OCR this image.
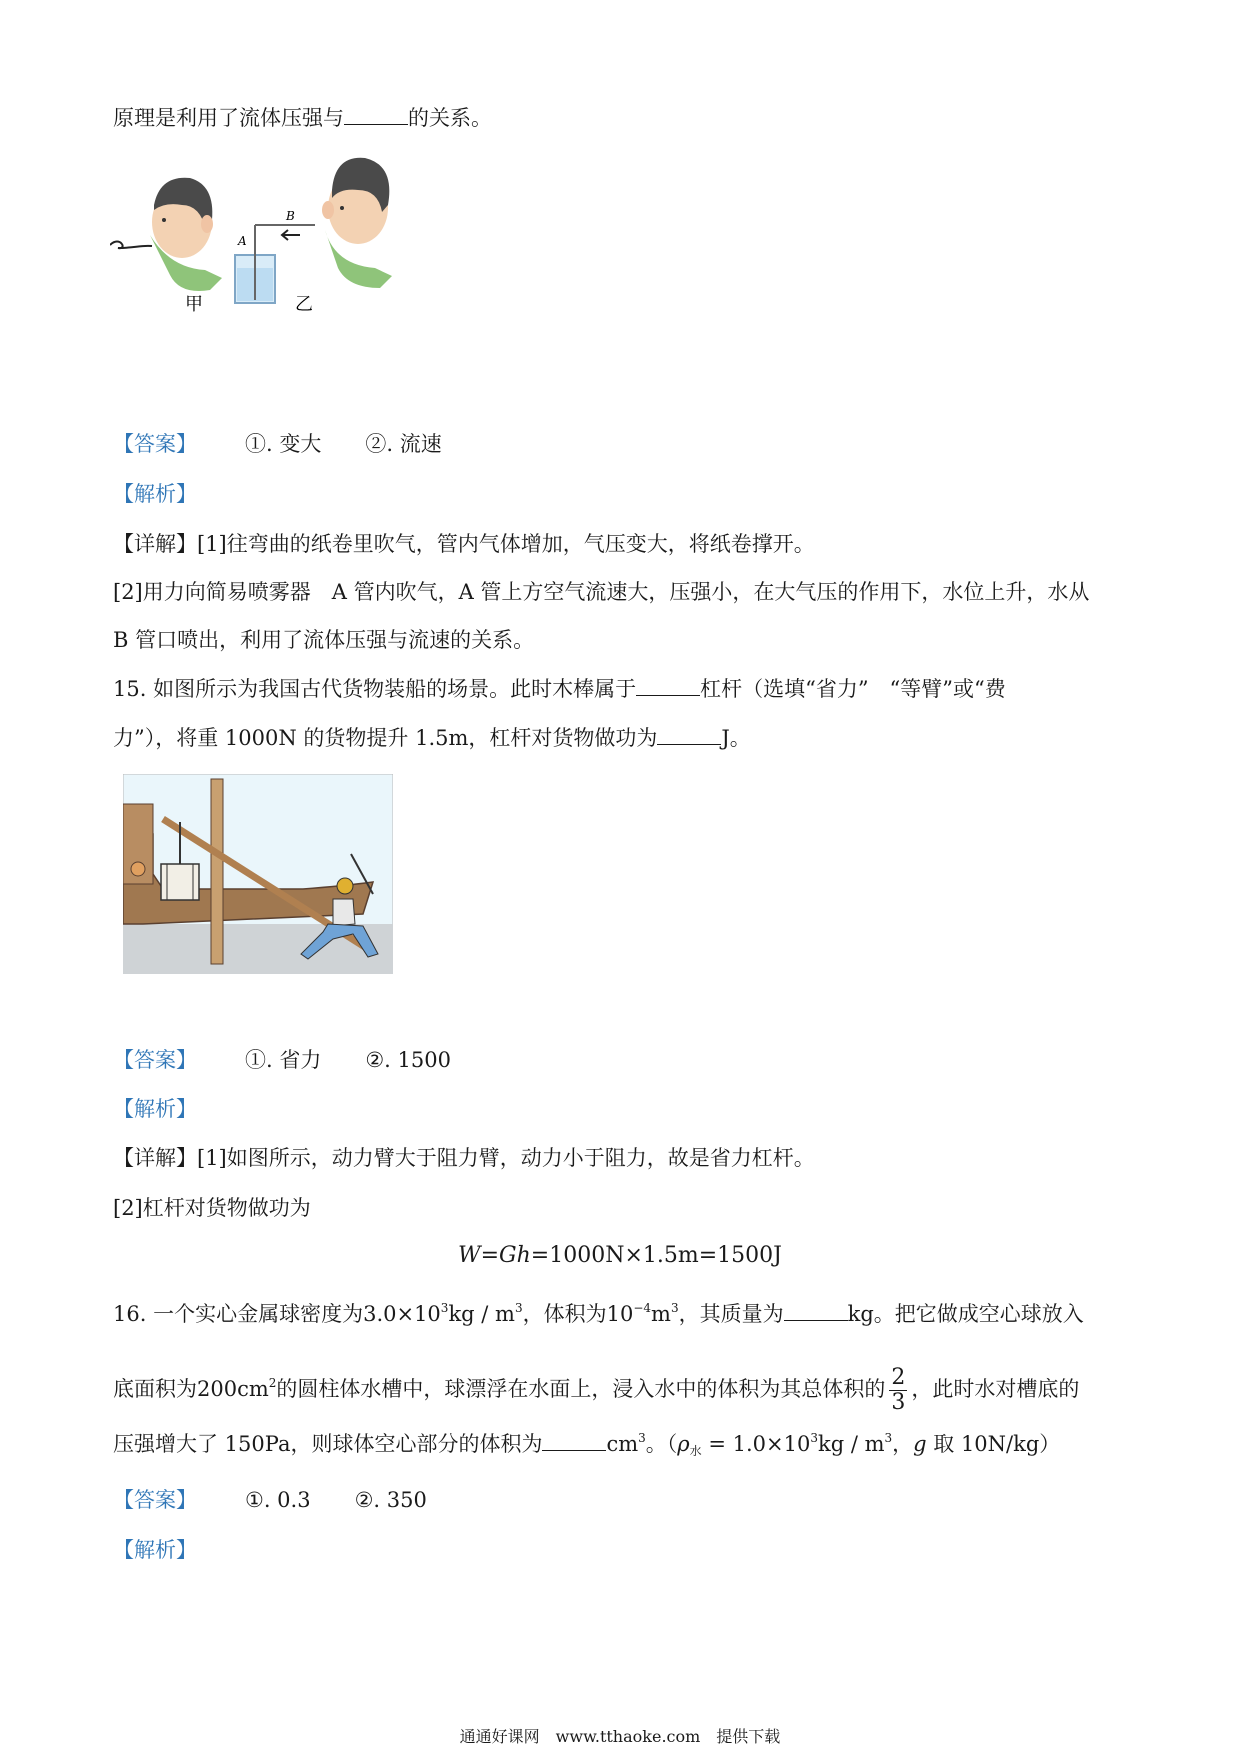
原理是利用了流体压强与	的关系。
A
B
甲	乙
【答案】 ①. 变大 ②. 流速
【解析】
【详解】[1]往弯曲的纸卷里吹气，管内气体增加，气压变大，将纸卷撑开。
[2]用力向简易喷雾器　A 管内吹气，A 管上方空气流速大，压强小，在大气压的作用下，水位上升，水从
B 管口喷出，利用了流体压强与流速的关系。
15. 如图所示为我国古代货物装船的场景。此时木棒属于	杠杆（选填“省力”　“等臂”或“费
力”），将重 1000N 的货物提升 1.5m，杠杆对货物做功为	J。
【答案】 ①. 省力 ②. 1500
【解析】
【详解】[1]如图所示，动力臂大于阻力臂，动力小于阻力，故是省力杠杆。
[2]杠杆对货物做功为
W=Gh=1000N×1.5m=1500J
16. 一个实心金属球密度为$3.0\times 10^3kg / m^3$，体积为$10^{-4}m^3$，其质量为	kg。把它做成空心球放入
底面积为$200cm^2$的圆柱体水槽中，球漂浮在水面上，浸入水中的体积为其总体积的 $\frac{2}{3}$ ，此时水对槽底的
压强增大了 150Pa，则球体空心部分的体积为	$cm^3$。（$\rho_水 = 1.0\times 10^3kg / m^3$，g 取 10N/kg）
【答案】 ①. 0.3 ②. 350
【解析】
通通好课网　www.tthaoke.com　提供下载
